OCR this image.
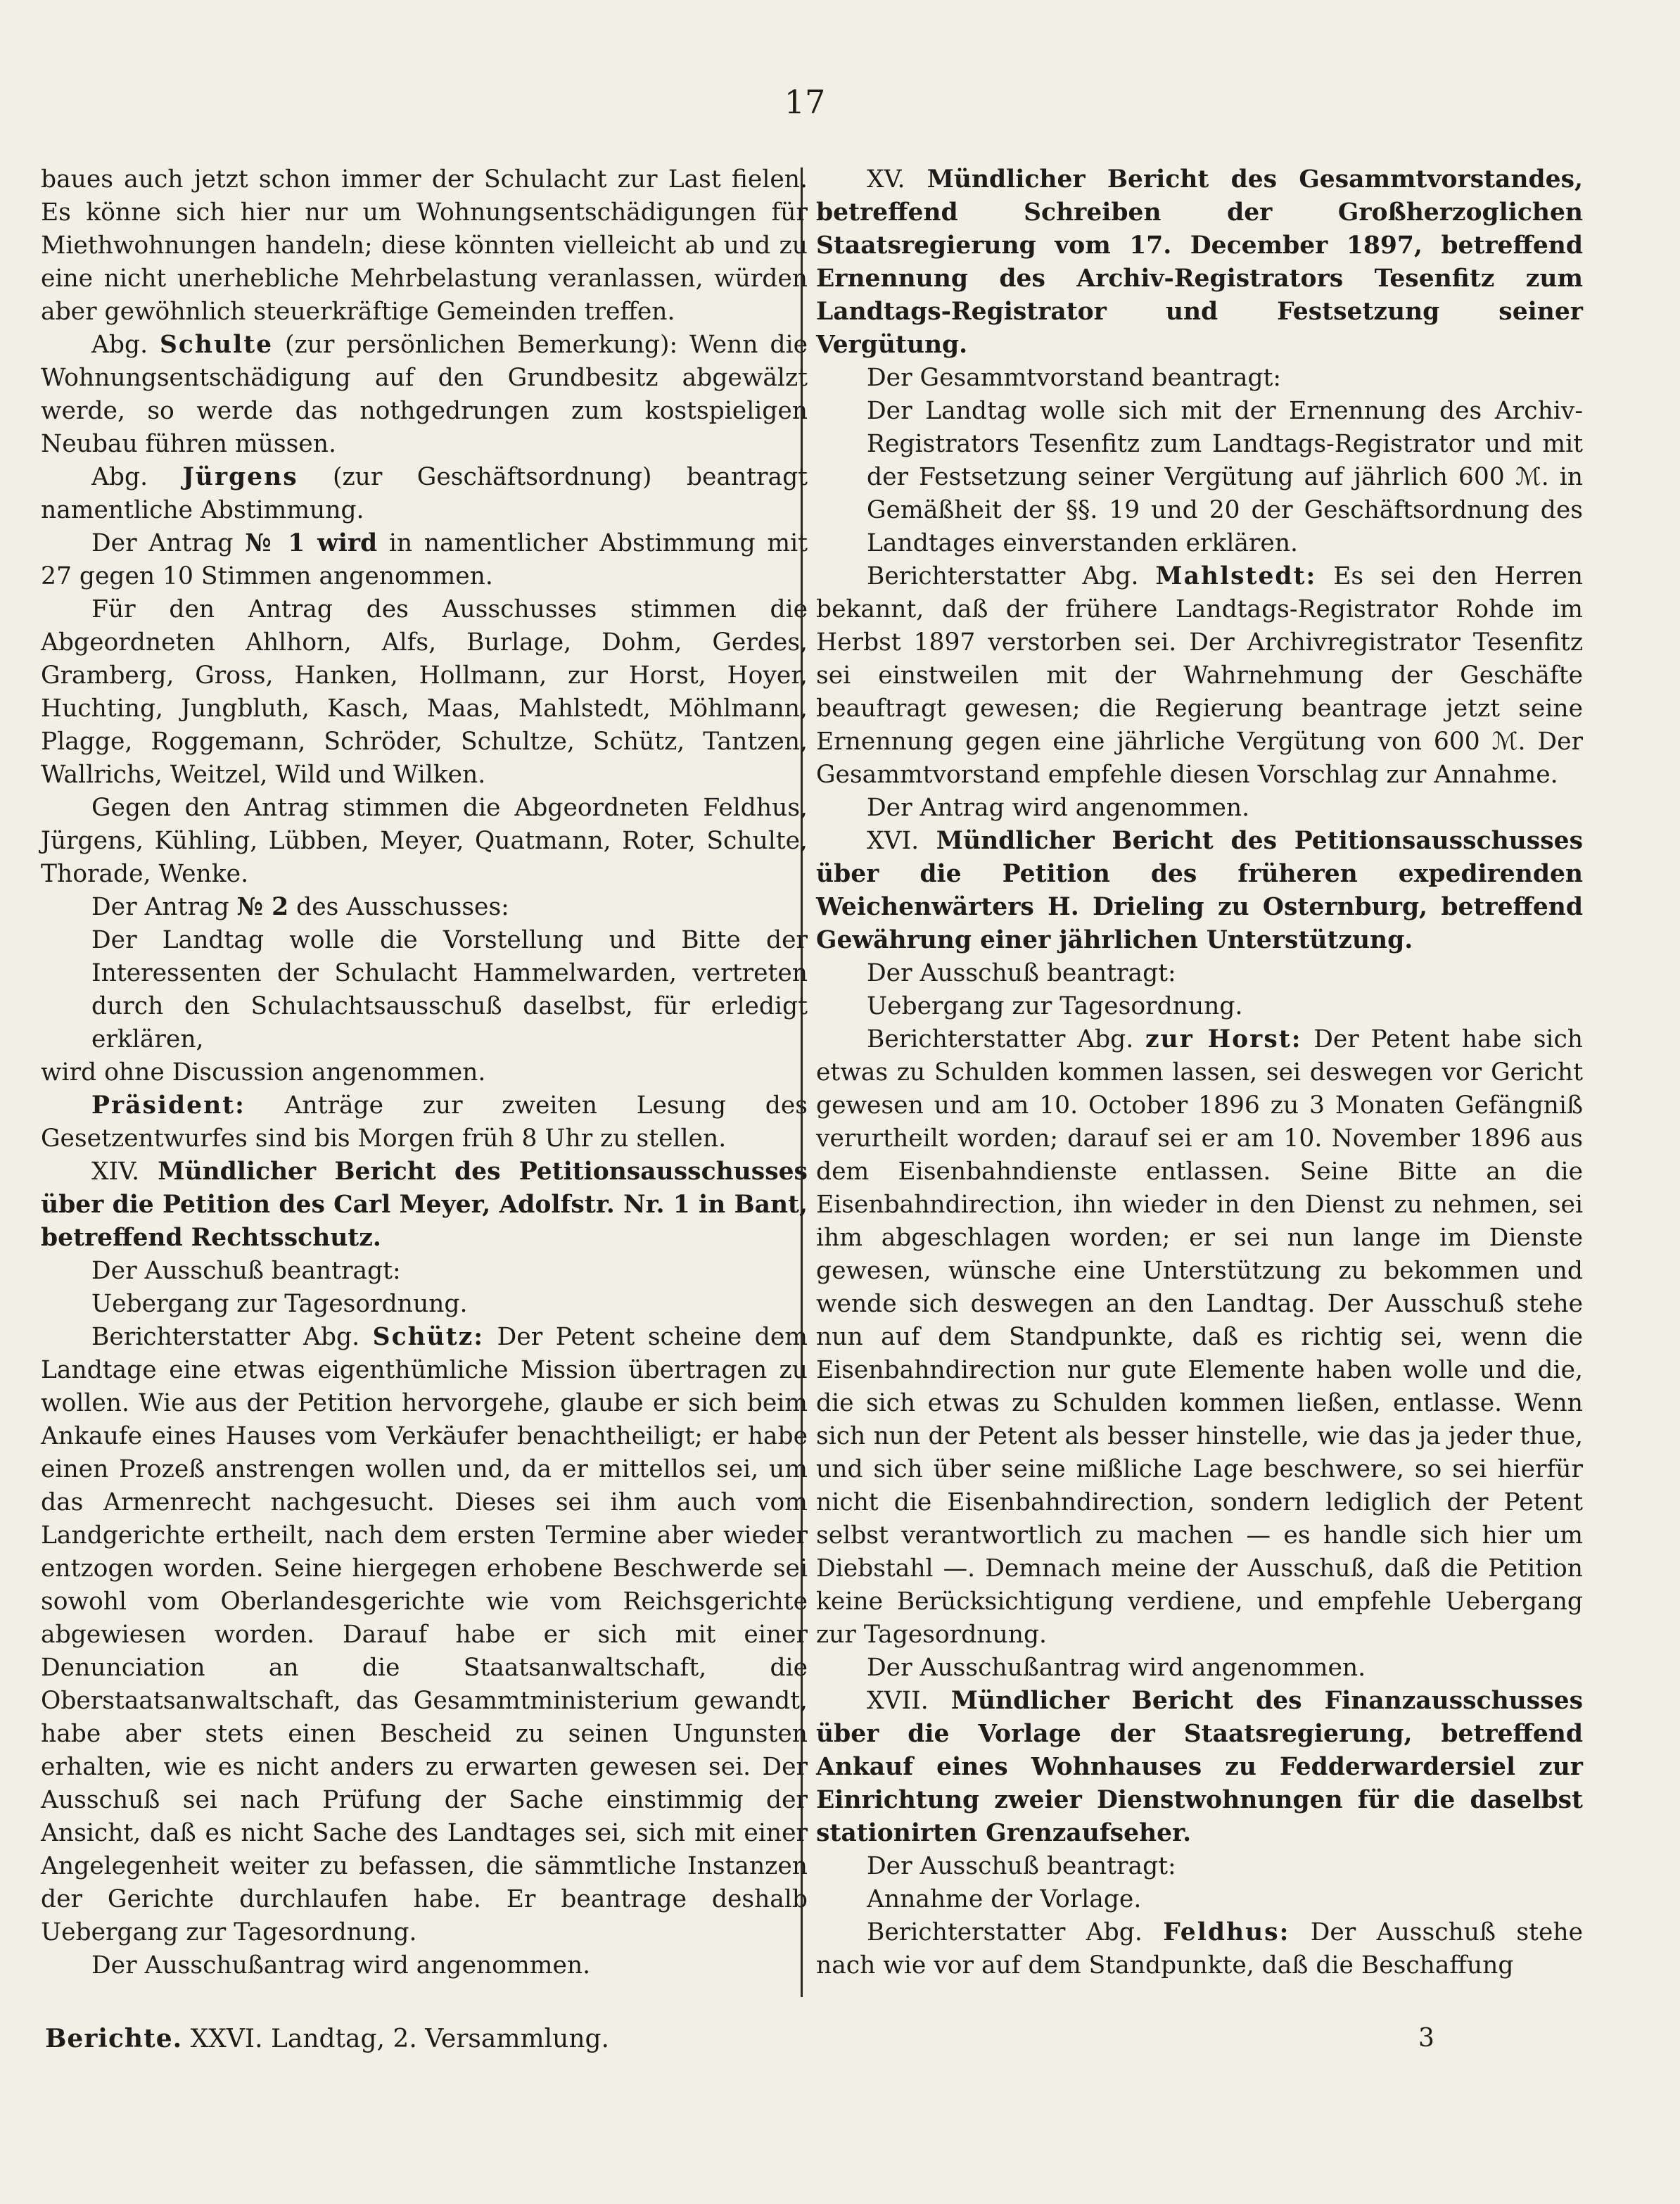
17

baues auch jetzt schon immer der Schulacht zur Last fielen. Es könne sich hier nur um Wohnungsentschädigungen für Miethwohnungen handeln; diese könnten vielleicht ab und zu eine nicht unerhebliche Mehrbelastung veranlassen, würden aber gewöhnlich steuerkräftige Gemeinden treffen.

Abg. Schulte (zur persönlichen Bemerkung): Wenn die Wohnungsentschädigung auf den Grundbesitz abgewälzt werde, so werde das nothgedrungen zum kostspieligen Neubau führen müssen.

Abg. Jürgens (zur Geschäftsordnung) beantragt namentliche Abstimmung.

Der Antrag № 1 wird in namentlicher Abstimmung mit 27 gegen 10 Stimmen angenommen.

Für den Antrag des Ausschusses stimmen die Abgeordneten Ahlhorn, Alfs, Burlage, Dohm, Gerdes, Gramberg, Gross, Hanken, Hollmann, zur Horst, Hoyer, Huchting, Jungbluth, Kasch, Maas, Mahlstedt, Möhlmann, Plagge, Roggemann, Schröder, Schultze, Schütz, Tantzen, Wallrichs, Weitzel, Wild und Wilken.

Gegen den Antrag stimmen die Abgeordneten Feldhus, Jürgens, Kühling, Lübben, Meyer, Quatmann, Roter, Schulte, Thorade, Wenke.

Der Antrag № 2 des Ausschusses:

Der Landtag wolle die Vorstellung und Bitte der Interessenten der Schulacht Hammelwarden, vertreten durch den Schulachtsausschuß daselbst, für erledigt erklären,

wird ohne Discussion angenommen.

Präsident: Anträge zur zweiten Lesung des Gesetzentwurfes sind bis Morgen früh 8 Uhr zu stellen.

XIV. Mündlicher Bericht des Petitionsausschusses über die Petition des Carl Meyer, Adolfstr. Nr. 1 in Bant, betreffend Rechtsschutz.

Der Ausschuß beantragt:

Uebergang zur Tagesordnung.

Berichterstatter Abg. Schütz: Der Petent scheine dem Landtage eine etwas eigenthümliche Mission übertragen zu wollen. Wie aus der Petition hervorgehe, glaube er sich beim Ankaufe eines Hauses vom Verkäufer benachtheiligt; er habe einen Prozeß anstrengen wollen und, da er mittellos sei, um das Armenrecht nachgesucht. Dieses sei ihm auch vom Landgerichte ertheilt, nach dem ersten Termine aber wieder entzogen worden. Seine hiergegen erhobene Beschwerde sei sowohl vom Oberlandesgerichte wie vom Reichsgerichte abgewiesen worden. Darauf habe er sich mit einer Denunciation an die Staatsanwaltschaft, die Oberstaatsanwaltschaft, das Gesammtministerium gewandt, habe aber stets einen Bescheid zu seinen Ungunsten erhalten, wie es nicht anders zu erwarten gewesen sei. Der Ausschuß sei nach Prüfung der Sache einstimmig der Ansicht, daß es nicht Sache des Landtages sei, sich mit einer Angelegenheit weiter zu befassen, die sämmtliche Instanzen der Gerichte durchlaufen habe. Er beantrage deshalb Uebergang zur Tagesordnung.

Der Ausschußantrag wird angenommen.

XV. Mündlicher Bericht des Gesammtvorstandes, betreffend Schreiben der Großherzoglichen Staatsregierung vom 17. December 1897, betreffend Ernennung des Archiv-Registrators Tesenfitz zum Landtags-Registrator und Festsetzung seiner Vergütung.

Der Gesammtvorstand beantragt:

Der Landtag wolle sich mit der Ernennung des Archiv-Registrators Tesenfitz zum Landtags-Registrator und mit der Festsetzung seiner Vergütung auf jährlich 600 ℳ. in Gemäßheit der §§. 19 und 20 der Geschäftsordnung des Landtages einverstanden erklären.

Berichterstatter Abg. Mahlstedt: Es sei den Herren bekannt, daß der frühere Landtags-Registrator Rohde im Herbst 1897 verstorben sei. Der Archivregistrator Tesenfitz sei einstweilen mit der Wahrnehmung der Geschäfte beauftragt gewesen; die Regierung beantrage jetzt seine Ernennung gegen eine jährliche Vergütung von 600 ℳ. Der Gesammtvorstand empfehle diesen Vorschlag zur Annahme.

Der Antrag wird angenommen.

XVI. Mündlicher Bericht des Petitionsausschusses über die Petition des früheren expedirenden Weichenwärters H. Drieling zu Osternburg, betreffend Gewährung einer jährlichen Unterstützung.

Der Ausschuß beantragt:

Uebergang zur Tagesordnung.

Berichterstatter Abg. zur Horst: Der Petent habe sich etwas zu Schulden kommen lassen, sei deswegen vor Gericht gewesen und am 10. October 1896 zu 3 Monaten Gefängniß verurtheilt worden; darauf sei er am 10. November 1896 aus dem Eisenbahndienste entlassen. Seine Bitte an die Eisenbahndirection, ihn wieder in den Dienst zu nehmen, sei ihm abgeschlagen worden; er sei nun lange im Dienste gewesen, wünsche eine Unterstützung zu bekommen und wende sich deswegen an den Landtag. Der Ausschuß stehe nun auf dem Standpunkte, daß es richtig sei, wenn die Eisenbahndirection nur gute Elemente haben wolle und die, die sich etwas zu Schulden kommen ließen, entlasse. Wenn sich nun der Petent als besser hinstelle, wie das ja jeder thue, und sich über seine mißliche Lage beschwere, so sei hierfür nicht die Eisenbahndirection, sondern lediglich der Petent selbst verantwortlich zu machen — es handle sich hier um Diebstahl —. Demnach meine der Ausschuß, daß die Petition keine Berücksichtigung verdiene, und empfehle Uebergang zur Tagesordnung.

Der Ausschußantrag wird angenommen.

XVII. Mündlicher Bericht des Finanzausschusses über die Vorlage der Staatsregierung, betreffend Ankauf eines Wohnhauses zu Fedderwardersiel zur Einrichtung zweier Dienstwohnungen für die daselbst stationirten Grenzaufseher.

Der Ausschuß beantragt:

Annahme der Vorlage.

Berichterstatter Abg. Feldhus: Der Ausschuß stehe nach wie vor auf dem Standpunkte, daß die Beschaffung

Berichte. XXVI. Landtag, 2. Versammlung.	3
